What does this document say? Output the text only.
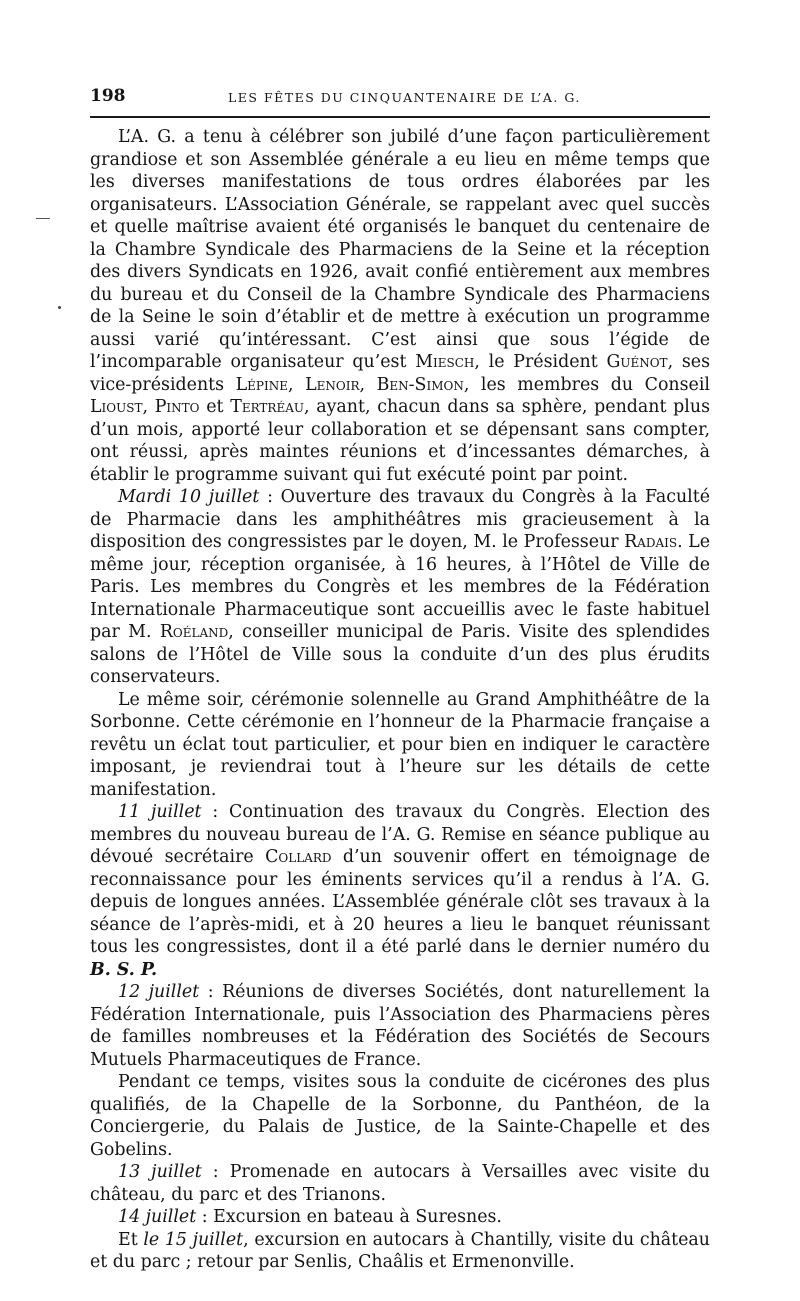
198	LES FÊTES DU CINQUANTENAIRE DE L’A. G.

L’A. G. a tenu à célébrer son jubilé d’une façon particulièrement grandiose et son Assemblée générale a eu lieu en même temps que les diverses manifestations de tous ordres élaborées par les organisateurs. L’Association Générale, se rappelant avec quel succès et quelle maîtrise avaient été organisés le banquet du centenaire de la Chambre Syndicale des Pharmaciens de la Seine et la réception des divers Syndicats en 1926, avait confié entièrement aux membres du bureau et du Conseil de la Chambre Syndicale des Pharmaciens de la Seine le soin d’établir et de mettre à exécution un programme aussi varié qu’intéressant. C’est ainsi que sous l’égide de l’incomparable organisateur qu’est Miesch, le Président Guénot, ses vice-présidents Lépine, Lenoir, Ben-Simon, les membres du Conseil Lioust, Pinto et Tertréau, ayant, chacun dans sa sphère, pendant plus d’un mois, apporté leur collaboration et se dépensant sans compter, ont réussi, après maintes réunions et d’incessantes démarches, à établir le programme suivant qui fut exécuté point par point.

Mardi 10 juillet : Ouverture des travaux du Congrès à la Faculté de Pharmacie dans les amphithéâtres mis gracieusement à la disposition des congressistes par le doyen, M. le Professeur Radais. Le même jour, réception organisée, à 16 heures, à l’Hôtel de Ville de Paris. Les membres du Congrès et les membres de la Fédération Internationale Pharmaceutique sont accueillis avec le faste habituel par M. Roéland, conseiller municipal de Paris. Visite des splendides salons de l’Hôtel de Ville sous la conduite d’un des plus érudits conservateurs.

Le même soir, cérémonie solennelle au Grand Amphithéâtre de la Sorbonne. Cette cérémonie en l’honneur de la Pharmacie française a revêtu un éclat tout particulier, et pour bien en indiquer le caractère imposant, je reviendrai tout à l’heure sur les détails de cette manifestation.

11 juillet : Continuation des travaux du Congrès. Election des membres du nouveau bureau de l’A. G. Remise en séance publique au dévoué secrétaire Collard d’un souvenir offert en témoignage de reconnaissance pour les éminents services qu’il a rendus à l’A. G. depuis de longues années. L’Assemblée générale clôt ses travaux à la séance de l’après-midi, et à 20 heures a lieu le banquet réunissant tous les congressistes, dont il a été parlé dans le dernier numéro du B. S. P.

12 juillet : Réunions de diverses Sociétés, dont naturellement la Fédération Internationale, puis l’Association des Pharmaciens pères de familles nombreuses et la Fédération des Sociétés de Secours Mutuels Pharmaceutiques de France.

Pendant ce temps, visites sous la conduite de cicérones des plus qualifiés, de la Chapelle de la Sorbonne, du Panthéon, de la Conciergerie, du Palais de Justice, de la Sainte-Chapelle et des Gobelins.

13 juillet : Promenade en autocars à Versailles avec visite du château, du parc et des Trianons.

14 juillet : Excursion en bateau à Suresnes.

Et le 15 juillet, excursion en autocars à Chantilly, visite du château et du parc ; retour par Senlis, Chaâlis et Ermenonville.
